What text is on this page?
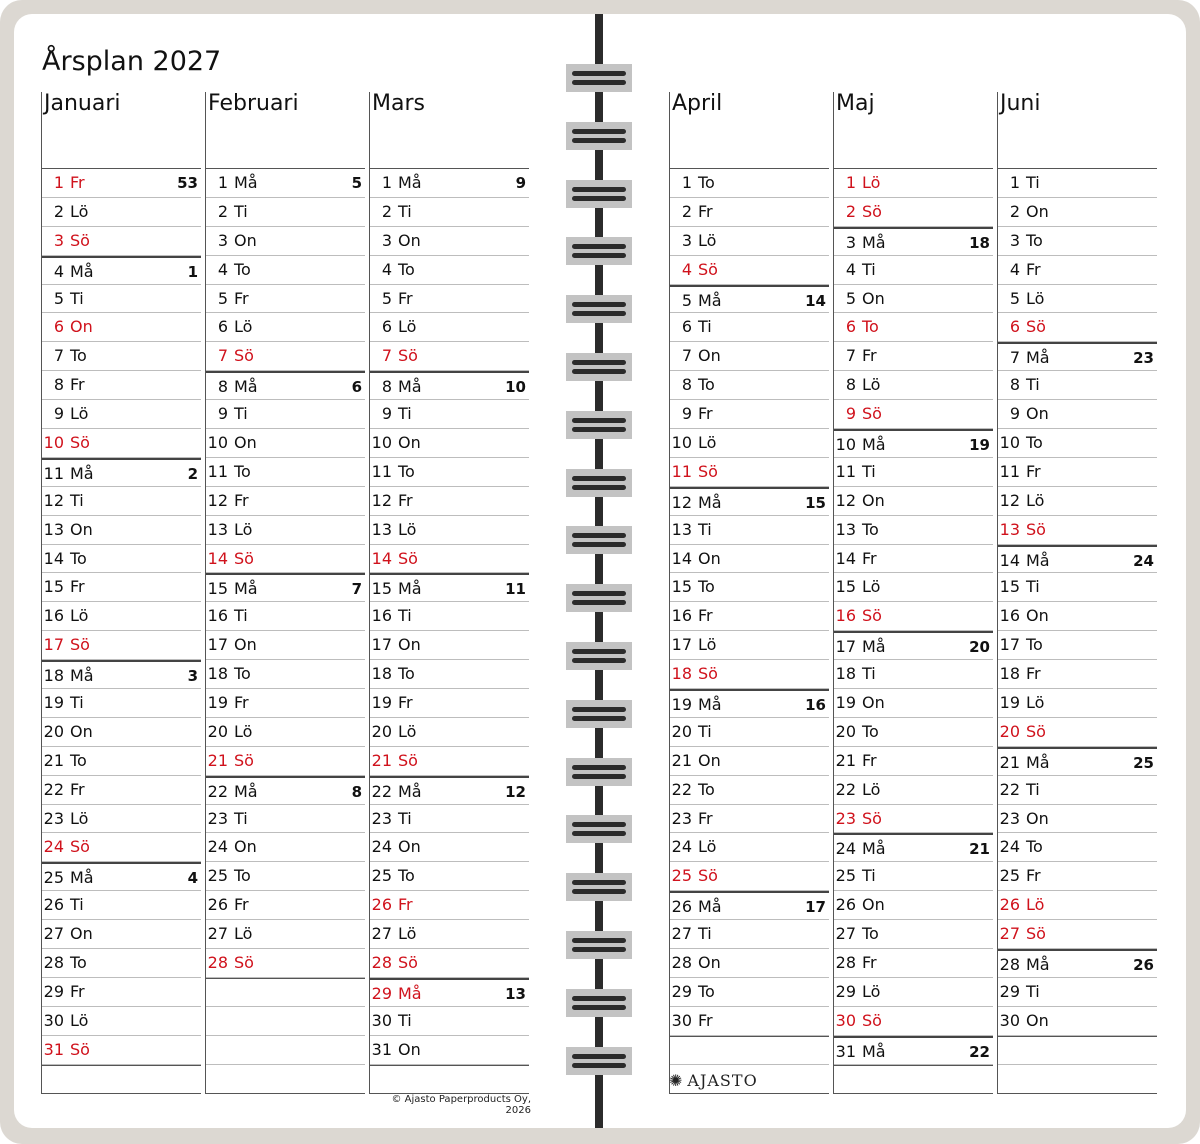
Årsplan 2027
Januari
1 Fr	53
2 Lö
3 Sö
4 Må	1
5 Ti
6 On
7 To
8 Fr
9 Lö
10 Sö
11 Må	2
12 Ti
13 On
14 To
15 Fr
16 Lö
17 Sö
18 Må	3
19 Ti
20 On
21 To
22 Fr
23 Lö
24 Sö
25 Må	4
26 Ti
27 On
28 To
29 Fr
30 Lö
31 Sö
Februari
1 Må	5
2 Ti
3 On
4 To
5 Fr
6 Lö
7 Sö
8 Må	6
9 Ti
10 On
11 To
12 Fr
13 Lö
14 Sö
15 Må	7
16 Ti
17 On
18 To
19 Fr
20 Lö
21 Sö
22 Må	8
23 Ti
24 On
25 To
26 Fr
27 Lö
28 Sö
Mars
1 Må	9
2 Ti
3 On
4 To
5 Fr
6 Lö
7 Sö
8 Må	10
9 Ti
10 On
11 To
12 Fr
13 Lö
14 Sö
15 Må	11
16 Ti
17 On
18 To
19 Fr
20 Lö
21 Sö
22 Må	12
23 Ti
24 On
25 To
26 Fr
27 Lö
28 Sö
29 Må	13
30 Ti
31 On
April
1 To
2 Fr
3 Lö
4 Sö
5 Må	14
6 Ti
7 On
8 To
9 Fr
10 Lö
11 Sö
12 Må	15
13 Ti
14 On
15 To
16 Fr
17 Lö
18 Sö
19 Må	16
20 Ti
21 On
22 To
23 Fr
24 Lö
25 Sö
26 Må	17
27 Ti
28 On
29 To
30 Fr
Maj
1 Lö
2 Sö
3 Må	18
4 Ti
5 On
6 To
7 Fr
8 Lö
9 Sö
10 Må	19
11 Ti
12 On
13 To
14 Fr
15 Lö
16 Sö
17 Må	20
18 Ti
19 On
20 To
21 Fr
22 Lö
23 Sö
24 Må	21
25 Ti
26 On
27 To
28 Fr
29 Lö
30 Sö
31 Må	22
Juni
1 Ti
2 On
3 To
4 Fr
5 Lö
6 Sö
7 Må	23
8 Ti
9 On
10 To
11 Fr
12 Lö
13 Sö
14 Må	24
15 Ti
16 On
17 To
18 Fr
19 Lö
20 Sö
21 Må	25
22 Ti
23 On
24 To
25 Fr
26 Lö
27 Sö
28 Må	26
29 Ti
30 On
© Ajasto Paperproducts Oy, 2026
✺ AJASTO
